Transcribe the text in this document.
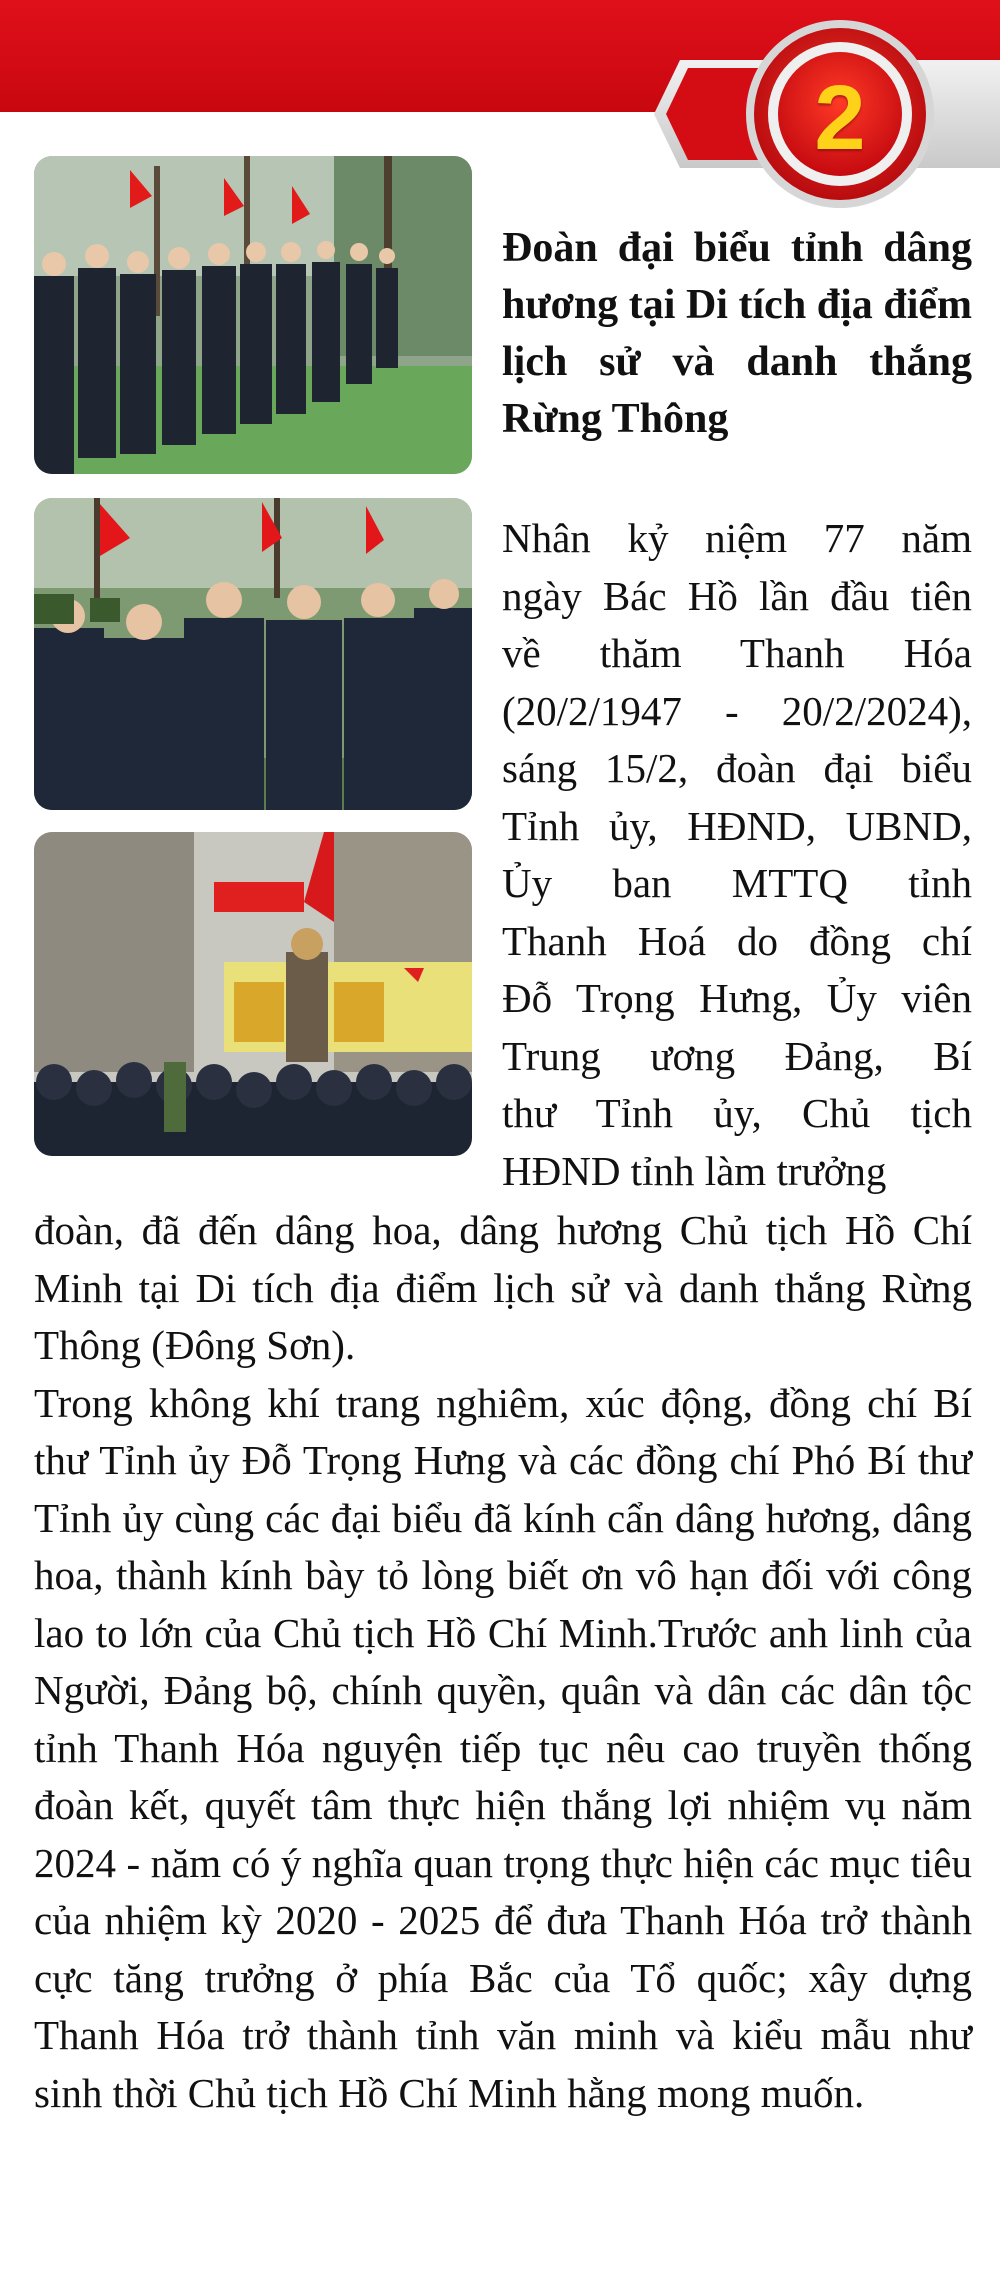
2
Đoàn đại biểu tỉnh dâng hương tại Di tích địa điểm lịch sử và danh thắng Rừng Thông
Nhân kỷ niệm 77 năm
ngày Bác Hồ lần đầu tiên
về thăm Thanh Hóa
(20/2/1947 - 20/2/2024),
sáng 15/2, đoàn đại biểu
Tỉnh ủy, HĐND, UBND,
Ủy ban MTTQ tỉnh
Thanh Hoá do đồng chí
Đỗ Trọng Hưng, Ủy viên
Trung ương Đảng, Bí
thư Tỉnh ủy, Chủ tịch
HĐND tỉnh làm trưởng
đoàn, đã đến dâng hoa, dâng hương Chủ tịch Hồ Chí Minh tại Di tích địa điểm lịch sử và danh thắng Rừng Thông (Đông Sơn).
Trong không khí trang nghiêm, xúc động, đồng chí Bí thư Tỉnh ủy Đỗ Trọng Hưng và các đồng chí Phó Bí thư Tỉnh ủy cùng các đại biểu đã kính cẩn dâng hương, dâng hoa, thành kính bày tỏ lòng biết ơn vô hạn đối với công lao to lớn của Chủ tịch Hồ Chí Minh.Trước anh linh của Người, Đảng bộ, chính quyền, quân và dân các dân tộc tỉnh Thanh Hóa nguyện tiếp tục nêu cao truyền thống đoàn kết, quyết tâm thực hiện thắng lợi nhiệm vụ năm 2024 - năm có ý nghĩa quan trọng thực hiện các mục tiêu của nhiệm kỳ 2020 - 2025 để đưa Thanh Hóa trở thành cực tăng trưởng ở phía Bắc của Tổ quốc; xây dựng Thanh Hóa trở thành tỉnh văn minh và kiểu mẫu như sinh thời Chủ tịch Hồ Chí Minh hằng mong muốn.
